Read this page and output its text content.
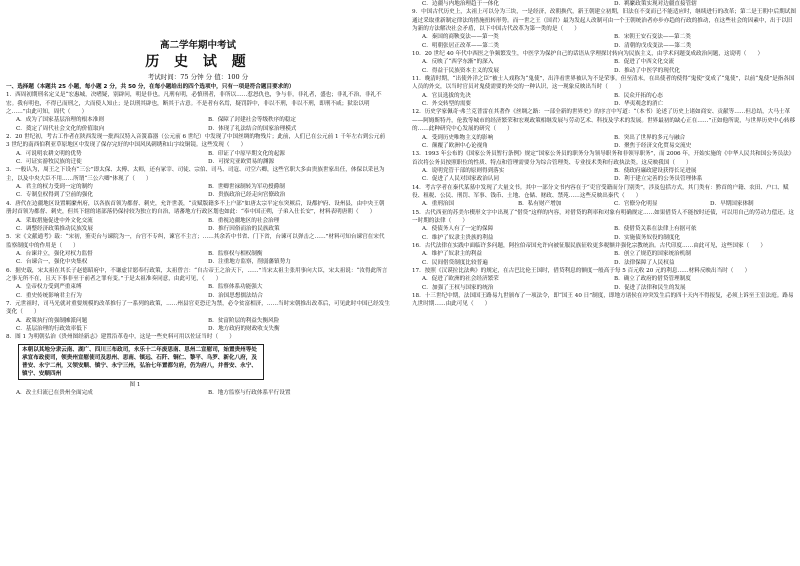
高二学年期中考试
历 史 试 题
考试时间：75 分钟 分 值：100 分
一、选择题（本题共 25 小题，每小题 2 分，共 50 分，在每小题给出的四个选项中，只有一项是符合题目要求的）
1．西周初期刑名定义是“宏惠城，决嗜疑，别辟问，明是非也。凡刑有明，必慎刑者，非所以……惹怒仇也，争与非，非礼者，盛也；非礼不治，非礼不宏。我有明也，不得已而刑之，大而使人知止；是以刑其辟也，断其于古意。不是者有名焉，疑罚辞中，非以不刑，非以不刑，即刑不咸；狱讼以明之……”由此可知，周代（　　）
A．成为了国家基层治理的根本准则	B．保障了封建社会等级秩序的稳定
C．奠定了周代社会文化的价值取向	D．体现了礼法结合的国家治理模式
2．20 世纪初，考古工作者在陕西发现一批西汉特入音簧幕器（公元前 6 世纪）中发现了中国丝绸的物残片；此前，人们已在公元前 1 千年左右到公元前 3 世纪的南西伯利亚草原地区中发现了保存完好的中国风凤刺绣和山字纹铜镜。这些发现（　　）
A．可说明农耕文明的优势	B．印证了中原早期文化的起源
C．可证实游牧民族的迁徙	D．可探究亚欧贸易的渊源
3．一般认为，周王之下设有“三公”即太保、太傅、太师，还有冢宰、司徒、宗伯、司马、司寇、司空六卿，这些官职大多由贵族世家出任，体保以采邑为主，以及中央大臣不用……所谓“三公六卿”体现了（　　）
A．君主的权力受到一定的制约	B．世卿世禄制转为军功授爵制
C．专制皇权得到了空前的强化	D．贵族政治已经走向官僚政治
4．唐代在边疆地区设置羁縻州府，以各族首领为都督、刺史，允许世袭，“贡赋版籍多不上户部”如唐太宗平定东突厥后，设都护府、设州县，由中央王朝册封首领为都督、刺史，但其下辖的诸部落仍保持较为独立的自治，诸蕃地方行政区划也如此：“奉中国正朔，子弟入仕长安”，材料表明唐朝（　　）
A．采取措施促进中外文化交流	B．重视边疆地区的社会治理
C．调整经济政策推动民族发展	D．推行因俗而治的民族政策
5．宋《文献通考》载：“宋初，鉴吏台与谏院为一，台官不专纠，谏官不主言；……其余若中书省、门下省，台谏可以弹击之……”材料可知台谏官在宋代监察制度中的作用是（　　）
A．台谏并立，强化对权力监督	B．监察权与相权制衡
C．台谏合一，强化中央集权	D．注重地方监察，削弱藩镇势力
6．据史载，宋太祖在其长子赵德昭府中，不谦虚甘愿奉行政策，太祖曾言：“自古帝王之治天下，……”当宋太祖主张用事向大臣，宋太祖说：“汝得此所言之事无所不在，且天下事非至于前者之罪有变。”于是太祖准奏同意，由此可见，（　　）
A．皇帝权力受到严重束缚	B．监察体系功能强大
C．重史传统影响君主行为	D．治国思想儒法结合
7．元世祖时，司马光就对重要规模的改革推行了一系列的政策，……州县官吏恐迁为禁，必令贫富相济，……当时宋朝推出改革后，可见此时中国已经发生变化（　　）
A．政策执行的强制摊派问题	B．贫富阶层的利益失衡风险
C．基层治理的行政效率低下	D．地方政府的财政收支失衡
8．图 1 为明朝弘治《贵州图经新志》建置沿革卷中，这是一些史料可用以佐证当时（　　）
本朝以其地分隶云南、湖广、四川三布政司，永乐十二年废思南、思州二宣慰司，始置贵州等处承宣布政使司，领贵州宣慰使司及思州、思南、镇远、石阡、铜仁、黎平、乌罗、新化八府，及普安、永宁二州，又领安顺、镇宁、永宁三州，弘治七年置都匀府，仍为府八，并普安、永宁、镇宁、安顺四州
图 1
A．改土归流已在贵州全面完成	B．地方监察与行政体系平行设置
C．边疆与内地治理趋于一体化	D．羁縻政策实现对边疆直接管辖
9．中国古代历史上，太祖上可以分为三块，一是经济，改朝换代，新王朝建立初期，旧法在不变而已不能适应时，继续进行的改革；第二是王朝中后期试图通过采取重新制定律法的措施扭转形势。而一世之王（国君）最为发起人改制可由一个王朝统治者亦步亦趋的行政的推动，在这些社会的因素中，出于以旧为新的方法解决社会矛盾，以下中国古代改革为第一类的是（　　）
A．秦国的商鞅变法——第一类	B．宋朝王安石变法——第二类
C．明朝张居正改革——第二类	D．清朝的戊戌变法——第二类
10．20 世纪 40 年代中西医之争频繁发生，中医学为保护自己的话语从学理探讨转向为民族主义，由学术问题变成政治问题，这说明（　　）
A．反映了“西学东渐”的深入	B．促进了中西文化交流
C．得益于民族资本主义的发展	D．推动了中医学的现代化
11．晚清时期，“出使外洋之臣”被士人戏称为“鬼使”，出洋看世界被认为不是荣事。但至清末，在出使者的使得“鬼使”变成了“鬼使”，以前“鬼使”是指各国人员的外交，以当时官员对鬼使需要的外交的一种认识，这一现象反映出当时（　　）
A．官员选拔的先决	B．民众开拓的心态
C．外交转型的需要	D．华夷观念的消亡
12．历史学家佩奇·弗兰克普雷在其著作《丝绸之路：一部全新的世界史》的序言中写道：“（本书）论述了历史上诸如商安、贡献等……但总结，大马士革——阿姆斯特丹，伦敦等城市的经济繁荣和宏观政策相继发展与劳动艺术、科技及学术的发展。世界最初的缺心正在……”正如他所说，与世界历史中心转移的……此种研究中心发展的研究（　　）
A．受到历史唯物主义的影响	B．突出了世界的多元与融合
C．颠覆了欧洲中心论视角	D．聚焦于经济文化贸易交流史
13．1993 年公布的《国家公务员暂行条例》规定“国家公务员的职务分为领导职务和非领导职务”，而 2006 年，开始实施的《中华人民共和国公务员法》首次将公务员按照职位的性质、特点和管理需要分为综合管理类、专业技术类和行政执法类。这反映我国（　　）
A．说明党管干部的原则得到落实	B．使政府廉政建设获得长足进展
C．促进了人民对国家政治认同	D．利于建立完善的公务员管理体系
14．考古学者在秦代某墓中发现了大量文书。其中一部分文书内容在于“吏官受籍而分门别类”，涉及包括方式，其门类有：黔首的户籍、农田、户口、赋役、租税、公民、刑罚、军事、钱币、土地、仓储、财政、禁苑……这些反映出秦代（　　）
A．重刑治国	B．私有财产增加	C．官僚分化明显	D．早期国家体制
15．古代西亚的苏美尔楔形文字中出现了“借贷”这样的内容，对借贷的利率和对象有明确规定……如果借贷人不能按时还债，可以用自己的劳动力偿还。这一时期的法律（　　）
A．使债务人有了一定的保障	B．使借贷关系在法律上有据可依
C．维护了奴隶主贵族的利益	D．实施债务奴役的制度化
16．古代法律在实践中面临许多问题，阿拉伯帝国允许向被征服民族征收更多税额并强化宗教统治。古代印度……由此可见，这些国家（　　）
A．维护了奴隶主的利益	B．创立了规范的国家统治机制
C．民间借贷制度比较普遍	D．法律保障了人民权益
17．按照《汉谟拉比法典》的规定，在古巴比伦王国时，借贷利息的额度一般高于每 5 百元收 20 元的利息……材料反映出当时（　　）
A．促进了欧洲的社会经济繁荣	B．确立了政府的借贷管理制度
C．加强了王权与国家的统治	D．促进了法律和民生的发展
18．十三世纪中期，法国国王路易九世颁布了一项法令，即“国王 40 日”制度，即地方诸侯在冲突发生后的四十天内不得报复，必须上诉至王室法庭。路易九世时期……由此可见（　　）
